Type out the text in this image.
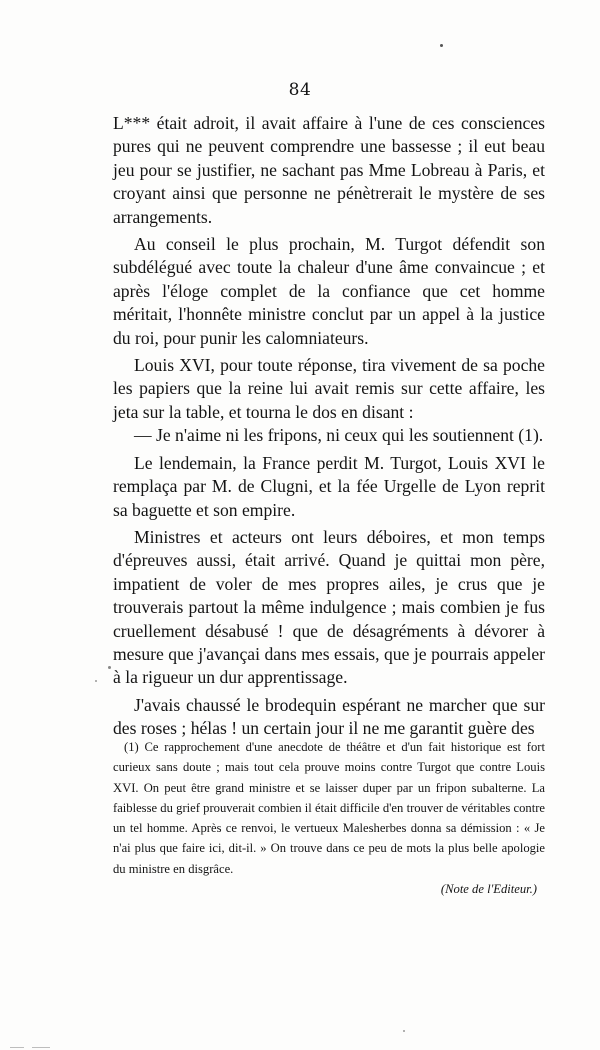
84

L*** était adroit, il avait affaire à l'une de ces consciences pures qui ne peuvent comprendre une bassesse ; il eut beau jeu pour se justifier, ne sachant pas Mme Lobreau à Paris, et croyant ainsi que personne ne pénètrerait le mystère de ses arrangements.

Au conseil le plus prochain, M. Turgot défendit son subdélégué avec toute la chaleur d'une âme convaincue ; et après l'éloge complet de la confiance que cet homme méritait, l'honnête ministre conclut par un appel à la justice du roi, pour punir les calomniateurs.

Louis XVI, pour toute réponse, tira vivement de sa poche les papiers que la reine lui avait remis sur cette affaire, les jeta sur la table, et tourna le dos en disant :

— Je n'aime ni les fripons, ni ceux qui les soutiennent (1).

Le lendemain, la France perdit M. Turgot, Louis XVI le remplaça par M. de Clugni, et la fée Urgelle de Lyon reprit sa baguette et son empire.

Ministres et acteurs ont leurs déboires, et mon temps d'épreuves aussi, était arrivé. Quand je quittai mon père, impatient de voler de mes propres ailes, je crus que je trouverais partout la même indulgence ; mais combien je fus cruellement désabusé ! que de désagréments à dévorer à mesure que j'avançai dans mes essais, que je pourrais appeler à la rigueur un dur apprentissage.

J'avais chaussé le brodequin espérant ne marcher que sur des roses ; hélas ! un certain jour il ne me garantit guère des

(1) Ce rapprochement d'une anecdote de théâtre et d'un fait historique est fort curieux sans doute ; mais tout cela prouve moins contre Turgot que contre Louis XVI. On peut être grand ministre et se laisser duper par un fripon subalterne. La faiblesse du grief prouverait combien il était difficile d'en trouver de véritables contre un tel homme. Après ce renvoi, le vertueux Malesherbes donna sa démission : « Je n'ai plus que faire ici, dit-il. » On trouve dans ce peu de mots la plus belle apologie du ministre en disgrâce.

(Note de l'Editeur.)
